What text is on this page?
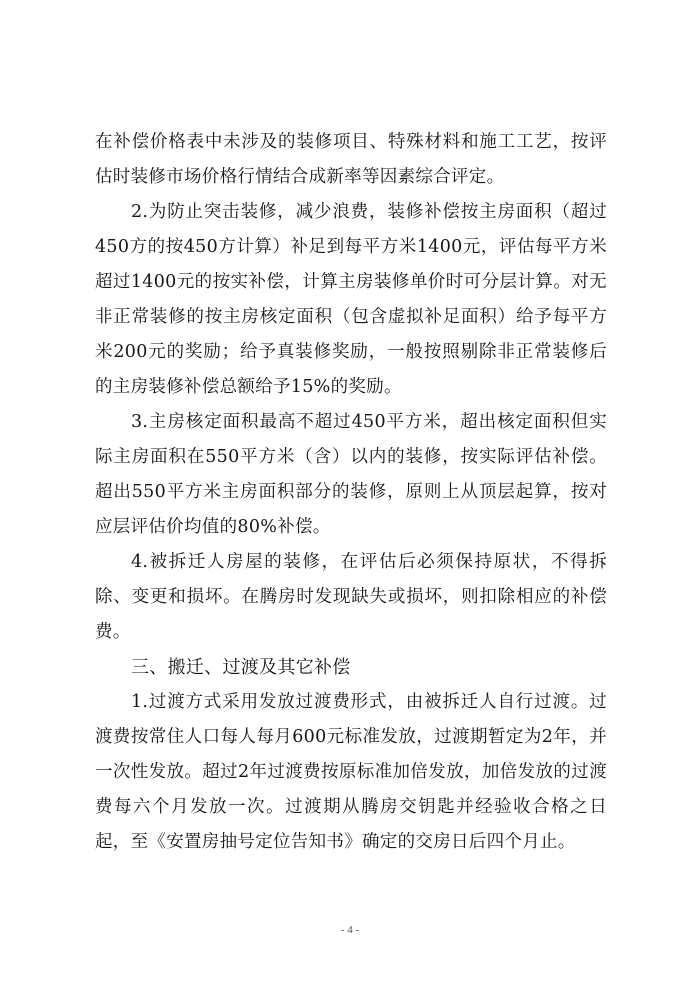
在补偿价格表中未涉及的装修项目、特殊材料和施工工艺，按评估时装修市场价格行情结合成新率等因素综合评定。

2.为防止突击装修，减少浪费，装修补偿按主房面积（超过450方的按450方计算）补足到每平方米1400元，评估每平方米超过1400元的按实补偿，计算主房装修单价时可分层计算。对无非正常装修的按主房核定面积（包含虚拟补足面积）给予每平方米200元的奖励；给予真装修奖励，一般按照剔除非正常装修后的主房装修补偿总额给予15%的奖励。

3.主房核定面积最高不超过450平方米，超出核定面积但实际主房面积在550平方米（含）以内的装修，按实际评估补偿。超出550平方米主房面积部分的装修，原则上从顶层起算，按对应层评估价均值的80%补偿。

4.被拆迁人房屋的装修，在评估后必须保持原状，不得拆除、变更和损坏。在腾房时发现缺失或损坏，则扣除相应的补偿费。

三、搬迁、过渡及其它补偿

1.过渡方式采用发放过渡费形式，由被拆迁人自行过渡。过渡费按常住人口每人每月600元标准发放，过渡期暂定为2年，并一次性发放。超过2年过渡费按原标准加倍发放，加倍发放的过渡费每六个月发放一次。过渡期从腾房交钥匙并经验收合格之日起，至《安置房抽号定位告知书》确定的交房日后四个月止。

- 4 -
